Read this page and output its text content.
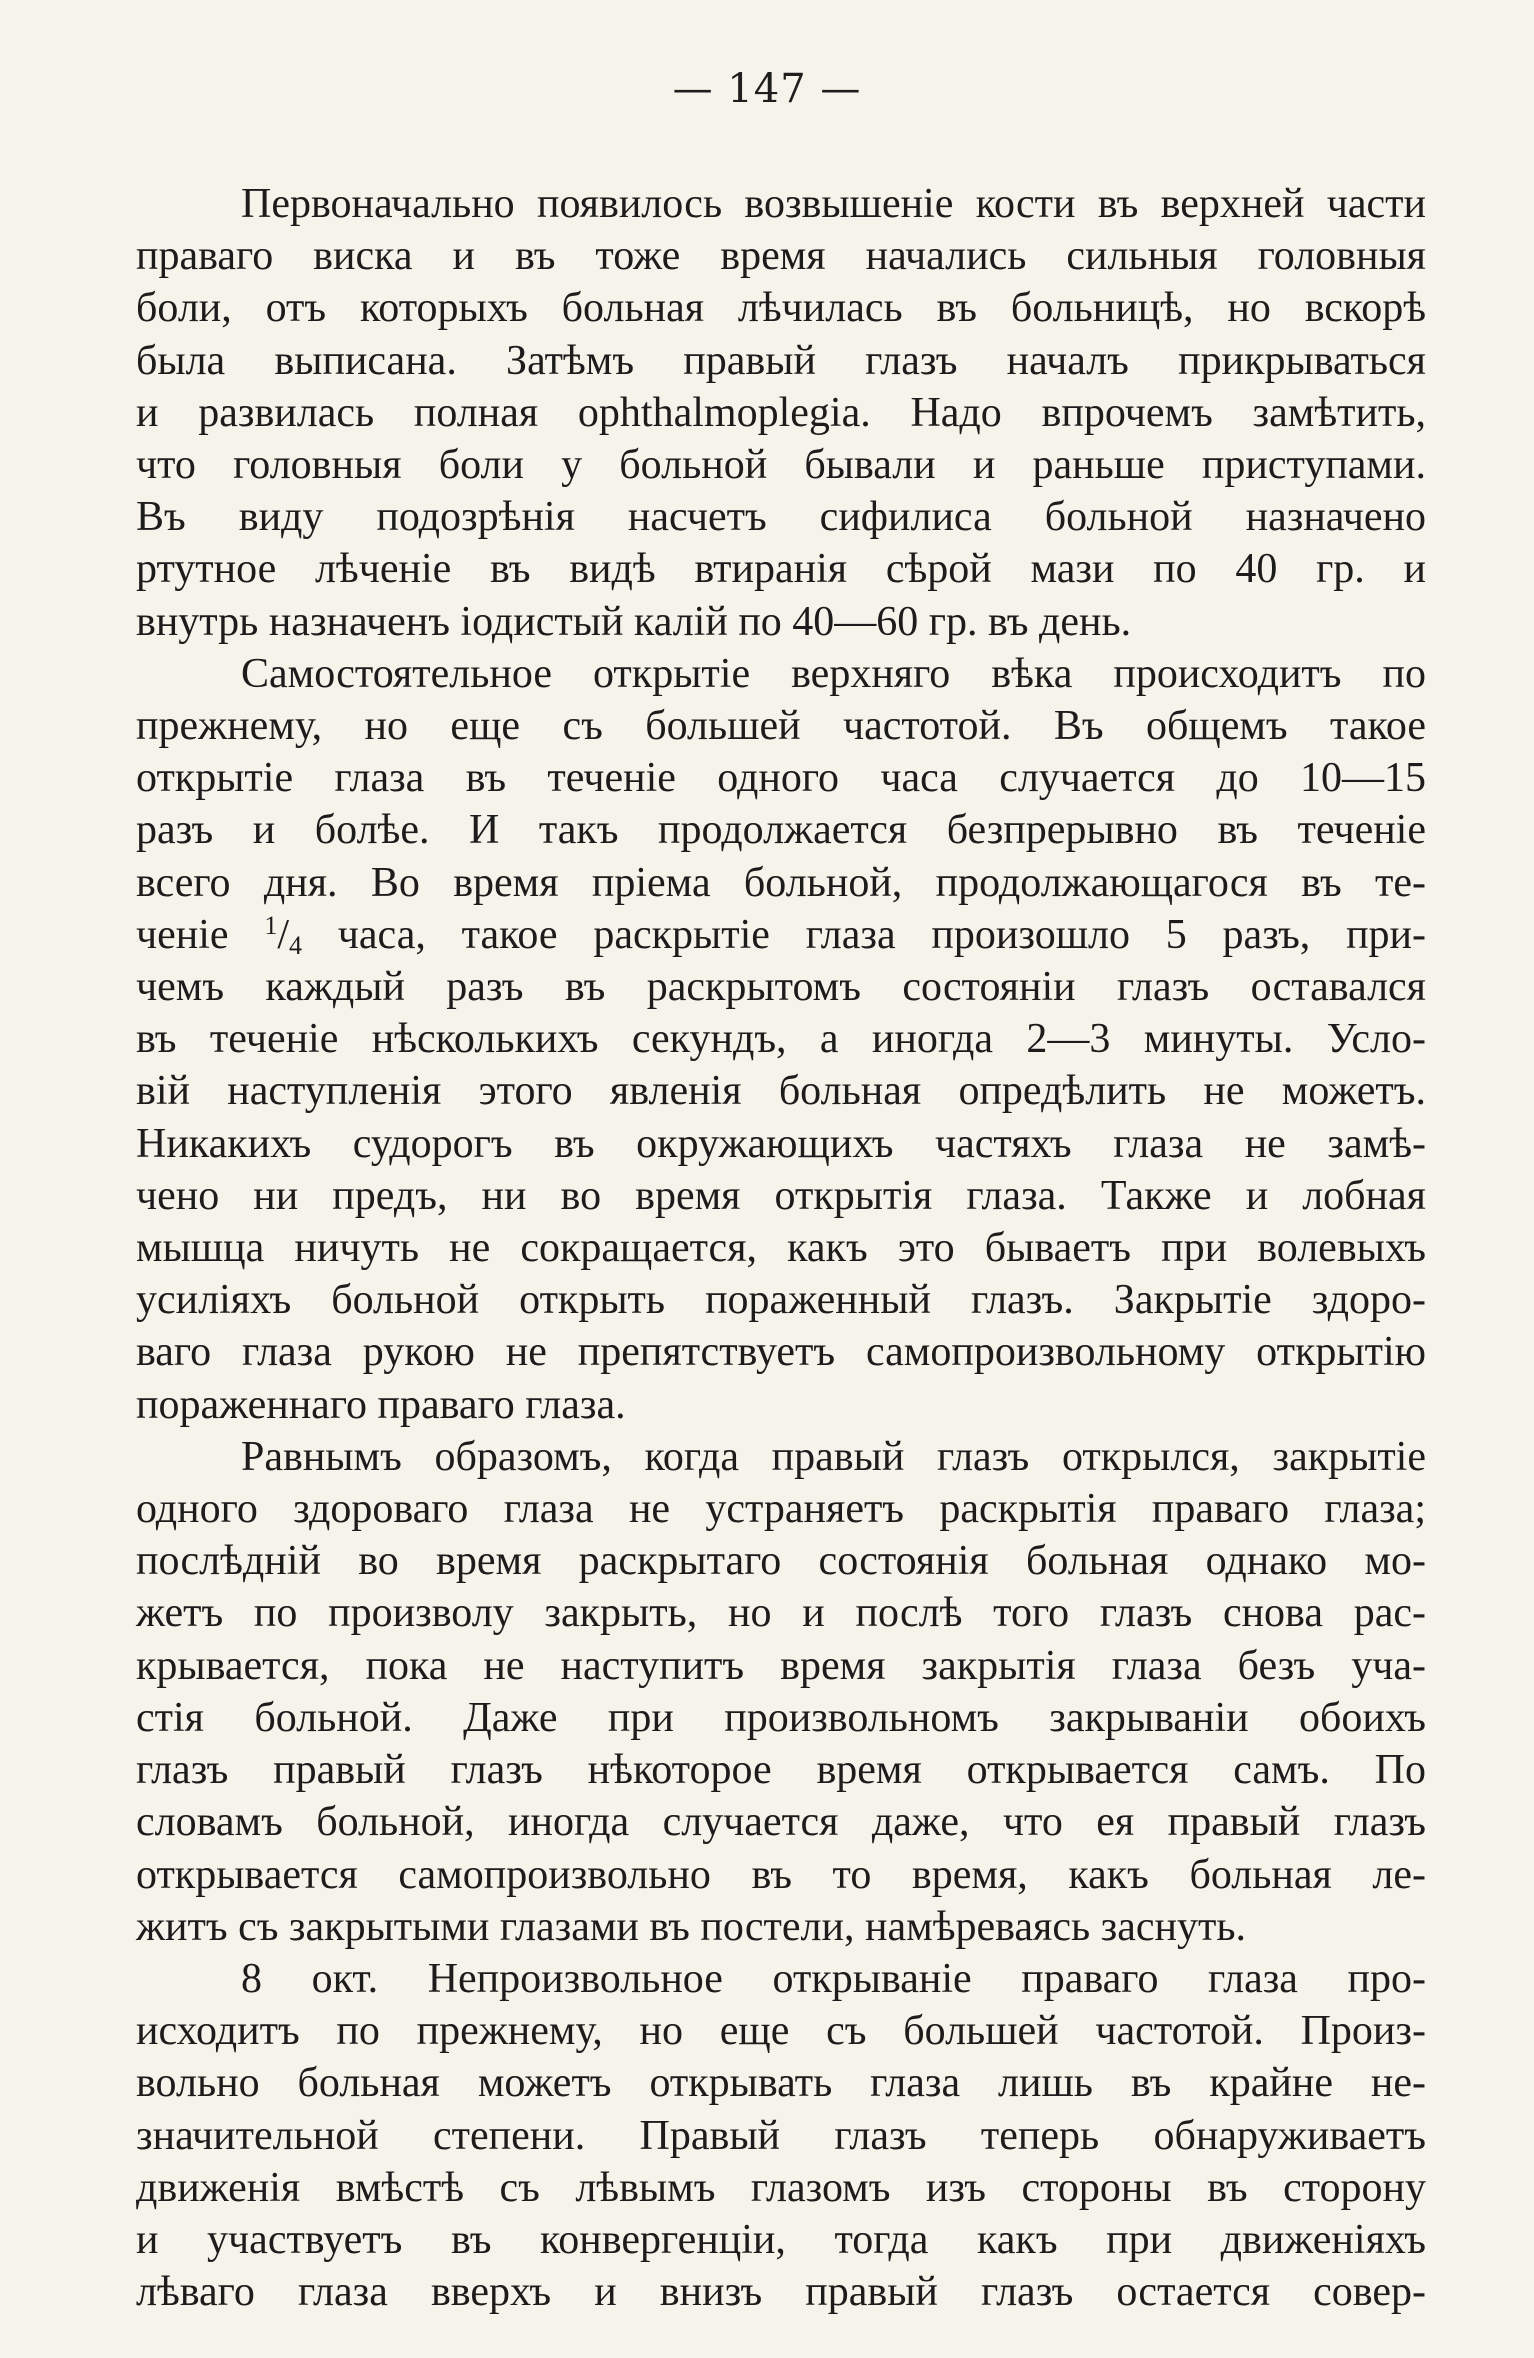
— 147 —
Первоначально появилось возвышеніе кости въ верхней части
праваго виска и въ тоже время начались сильныя головныя
боли, отъ которыхъ больная лѣчилась въ больницѣ, но вскорѣ
была выписана. Затѣмъ правый глазъ началъ прикрываться
и развилась полная ophthalmoplegia. Надо впрочемъ замѣтить,
что головныя боли у больной бывали и раньше приступами.
Въ виду подозрѣнія насчетъ сифилиса больной назначено
ртутное лѣченіе въ видѣ втиранія сѣрой мази по 40 гр. и
внутрь назначенъ іодистый калій по 40—60 гр. въ день.
Самостоятельное открытіе верхняго вѣка происходитъ по
прежнему, но еще съ большей частотой. Въ общемъ такое
открытіе глаза въ теченіе одного часа случается до 10—15
разъ и болѣе. И такъ продолжается безпрерывно въ теченіе
всего дня. Во время пріема больной, продолжающагося въ те-
ченіе $^1$/4 часа, такое раскрытіе глаза произошло 5 разъ, при-
чемъ каждый разъ въ раскрытомъ состояніи глазъ оставался
въ теченіе нѣсколькихъ секундъ, а иногда 2—3 минуты. Усло-
вій наступленія этого явленія больная опредѣлить не можетъ.
Никакихъ судорогъ въ окружающихъ частяхъ глаза не замѣ-
чено ни предъ, ни во время открытія глаза. Также и лобная
мышца ничуть не сокращается, какъ это бываетъ при волевыхъ
усиліяхъ больной открыть пораженный глазъ. Закрытіе здоро-
ваго глаза рукою не препятствуетъ самопроизвольному открытію
пораженнаго праваго глаза.
Равнымъ образомъ, когда правый глазъ открылся, закрытіе
одного здороваго глаза не устраняетъ раскрытія праваго глаза;
послѣдній во время раскрытаго состоянія больная однако мо-
жетъ по произволу закрыть, но и послѣ того глазъ снова рас-
крывается, пока не наступитъ время закрытія глаза безъ уча-
стія больной. Даже при произвольномъ закрываніи обоихъ
глазъ правый глазъ нѣкоторое время открывается самъ. По
словамъ больной, иногда случается даже, что ея правый глазъ
открывается самопроизвольно въ то время, какъ больная ле-
житъ съ закрытыми глазами въ постели, намѣреваясь заснуть.
8 окт. Непроизвольное открываніе праваго глаза про-
исходитъ по прежнему, но еще съ большей частотой. Произ-
вольно больная можетъ открывать глаза лишь въ крайне не-
значительной степени. Правый глазъ теперь обнаруживаетъ
движенія вмѣстѣ съ лѣвымъ глазомъ изъ стороны въ сторону
и участвуетъ въ конвергенціи, тогда какъ при движеніяхъ
лѣваго глаза вверхъ и внизъ правый глазъ остается совер-
